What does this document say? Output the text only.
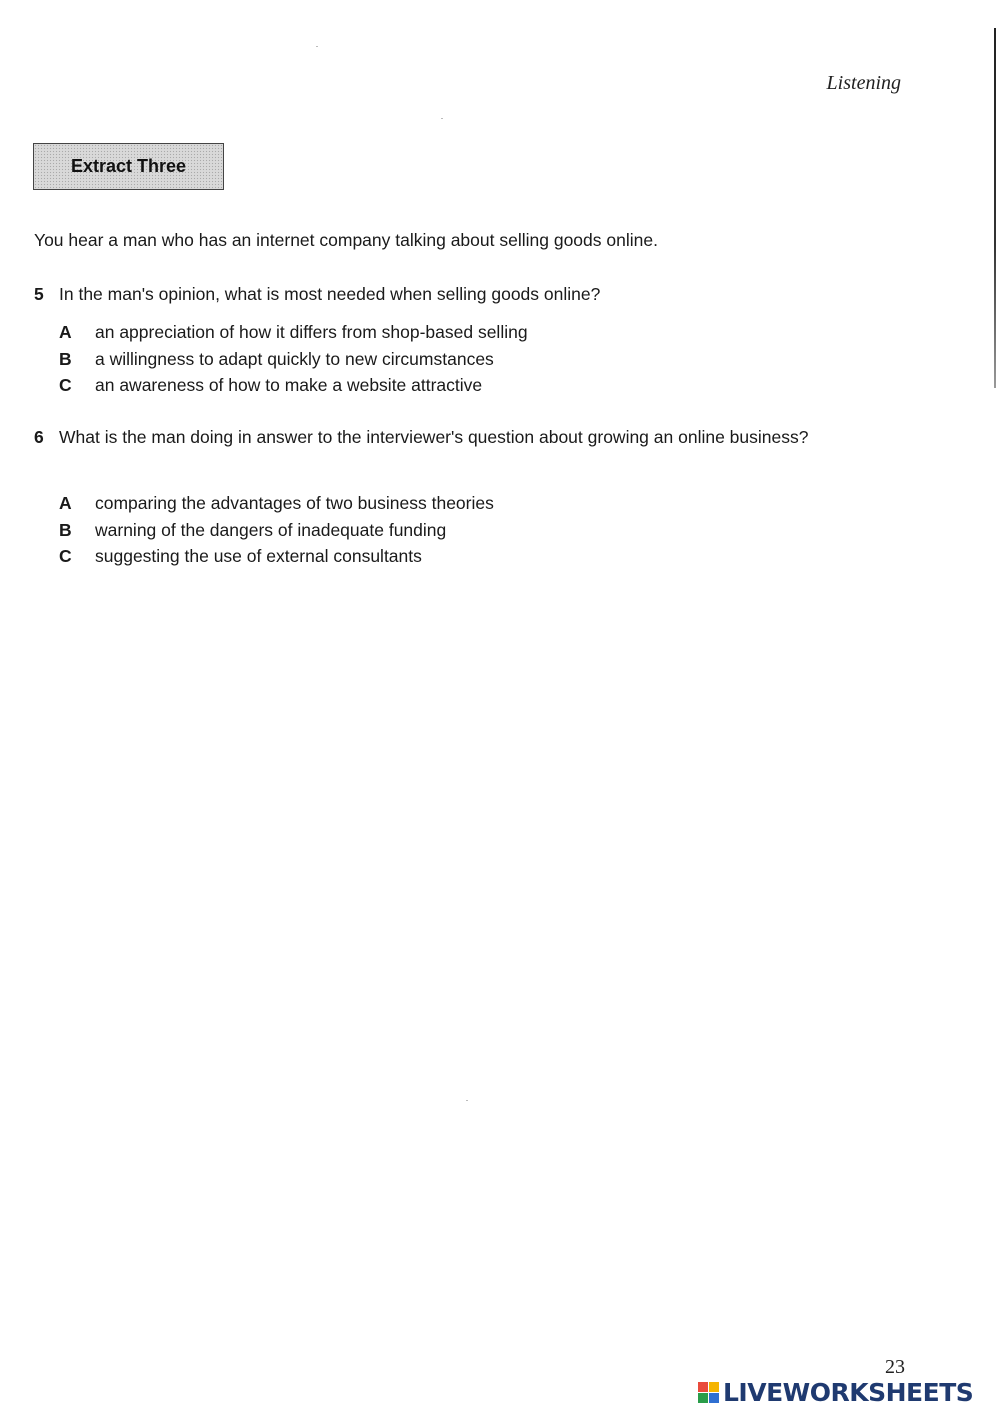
Listening
Extract Three
You hear a man who has an internet company talking about selling goods online.
5 In the man's opinion, what is most needed when selling goods online?
A an appreciation of how it differs from shop-based selling
B a willingness to adapt quickly to new circumstances
C an awareness of how to make a website attractive
6 What is the man doing in answer to the interviewer's question about growing an online business?
A comparing the advantages of two business theories
B warning of the dangers of inadequate funding
C suggesting the use of external consultants
23
LIVEWORKSHEETS
